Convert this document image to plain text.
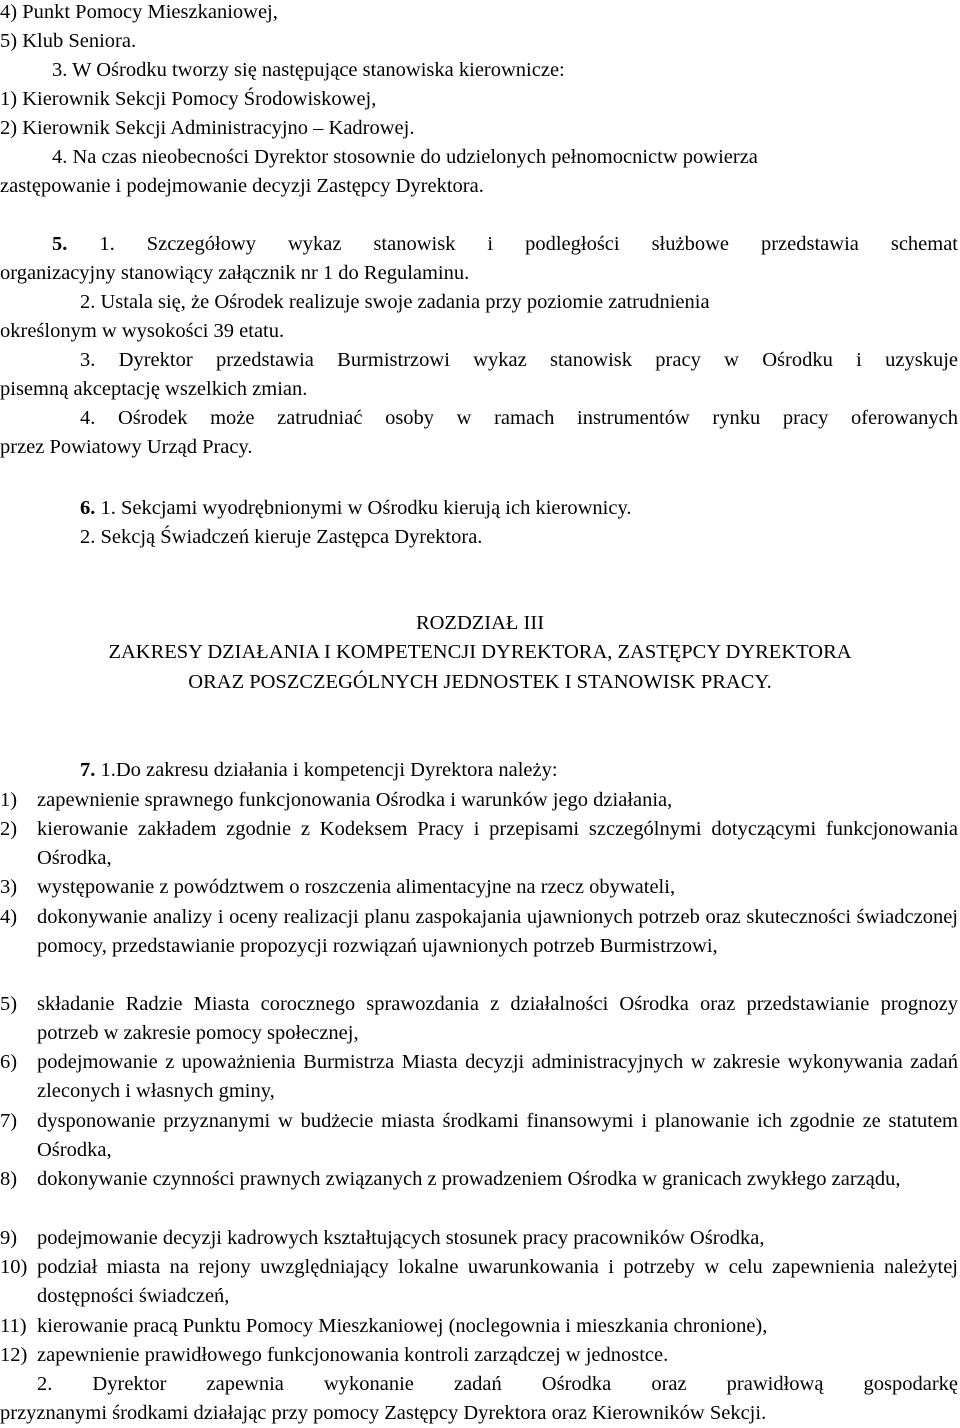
4) Punkt Pomocy Mieszkaniowej,
5) Klub Seniora.
3. W Ośrodku tworzy się następujące stanowiska kierownicze:
1) Kierownik Sekcji Pomocy Środowiskowej,
2) Kierownik Sekcji Administracyjno – Kadrowej.
4. Na czas nieobecności Dyrektor stosownie do udzielonych pełnomocnictw powierza
zastępowanie i podejmowanie decyzji Zastępcy Dyrektora.
5. 1. Szczegółowy wykaz stanowisk i podległości służbowe przedstawia schemat
organizacyjny stanowiący załącznik nr 1 do Regulaminu.
2. Ustala się, że Ośrodek realizuje swoje zadania przy poziomie zatrudnienia
określonym w wysokości 39 etatu.
3. Dyrektor przedstawia Burmistrzowi wykaz stanowisk pracy w Ośrodku i uzyskuje
pisemną akceptację wszelkich zmian.
4. Ośrodek może zatrudniać osoby w ramach instrumentów rynku pracy oferowanych
przez Powiatowy Urząd Pracy.
6. 1. Sekcjami wyodrębnionymi w Ośrodku kierują ich kierownicy.
2. Sekcją Świadczeń kieruje Zastępca Dyrektora.
ROZDZIAŁ III
ZAKRESY DZIAŁANIA I KOMPETENCJI DYREKTORA, ZASTĘPCY DYREKTORA
ORAZ POSZCZEGÓLNYCH JEDNOSTEK I STANOWISK PRACY.
7. 1.Do zakresu działania i kompetencji Dyrektora należy:
1) zapewnienie sprawnego funkcjonowania Ośrodka i warunków jego działania,
2) kierowanie zakładem zgodnie z Kodeksem Pracy i przepisami szczególnymi dotyczącymi funkcjonowania Ośrodka,
3) występowanie z powództwem o roszczenia alimentacyjne na rzecz obywateli,
4) dokonywanie analizy i oceny realizacji planu zaspokajania ujawnionych potrzeb oraz skuteczności świadczonej pomocy, przedstawianie propozycji rozwiązań ujawnionych potrzeb Burmistrzowi,
5) składanie Radzie Miasta corocznego sprawozdania z działalności Ośrodka oraz przedstawianie prognozy potrzeb w zakresie pomocy społecznej,
6) podejmowanie z upoważnienia Burmistrza Miasta decyzji administracyjnych w zakresie wykonywania zadań zleconych i własnych gminy,
7) dysponowanie przyznanymi w budżecie miasta środkami finansowymi i planowanie ich zgodnie ze statutem Ośrodka,
8) dokonywanie czynności prawnych związanych z prowadzeniem Ośrodka w granicach zwykłego zarządu,
9) podejmowanie decyzji kadrowych kształtujących stosunek pracy pracowników Ośrodka,
10) podział miasta na rejony uwzględniający lokalne uwarunkowania i potrzeby w celu zapewnienia należytej dostępności świadczeń,
11) kierowanie pracą Punktu Pomocy Mieszkaniowej (noclegownia i mieszkania chronione),
12) zapewnienie prawidłowego funkcjonowania kontroli zarządczej w jednostce.
2. Dyrektor zapewnia wykonanie zadań Ośrodka oraz prawidłową gospodarkę
przyznanymi środkami działając przy pomocy Zastępcy Dyrektora oraz Kierowników Sekcji.
